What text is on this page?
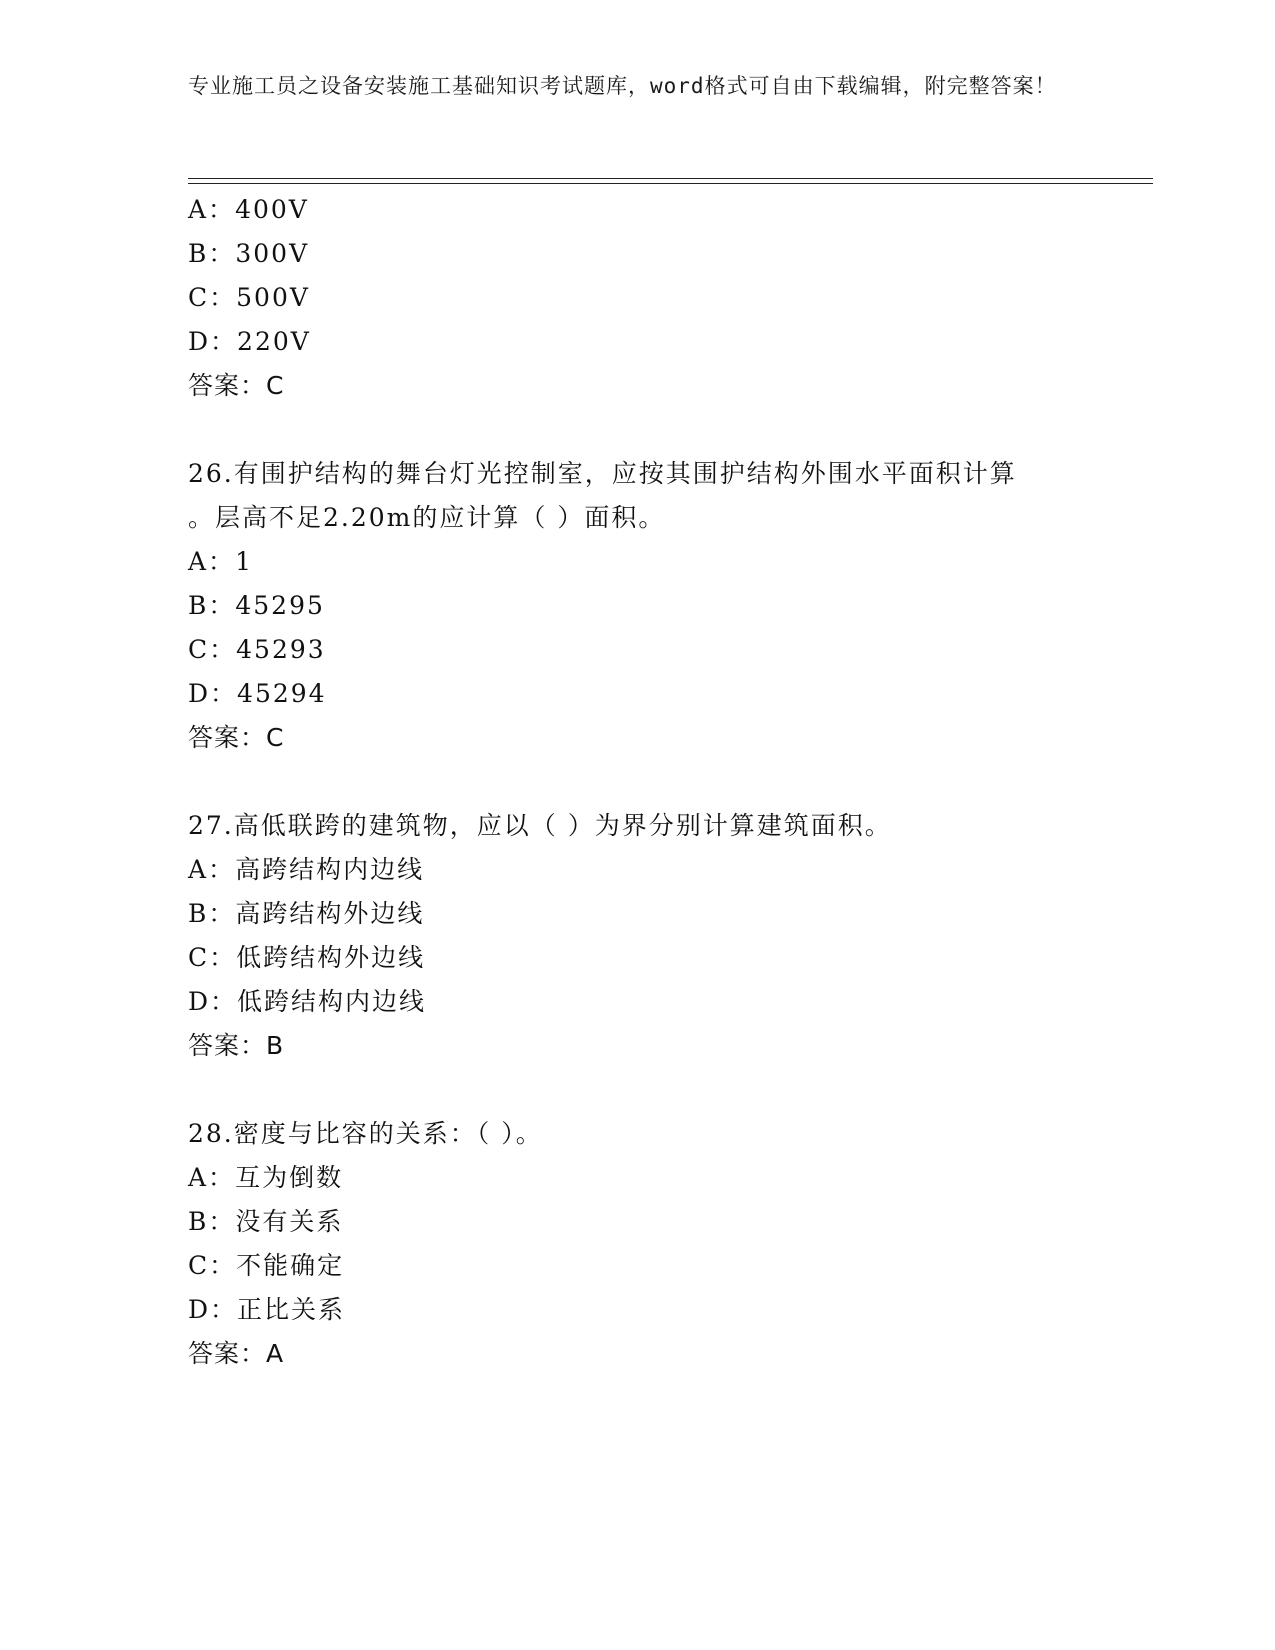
专业施工员之设备安装施工基础知识考试题库，word格式可自由下载编辑，附完整答案！
A：400V
B：300V
C：500V
D：220V
答案：C
26.有围护结构的舞台灯光控制室，应按其围护结构外围水平面积计算
。层高不足2.20m的应计算（ ）面积。
A：1
B：45295
C：45293
D：45294
答案：C
27.高低联跨的建筑物，应以（ ）为界分别计算建筑面积。
A：高跨结构内边线
B：高跨结构外边线
C：低跨结构外边线
D：低跨结构内边线
答案：B
28.密度与比容的关系：（ ）。
A：互为倒数
B：没有关系
C：不能确定
D：正比关系
答案：A
